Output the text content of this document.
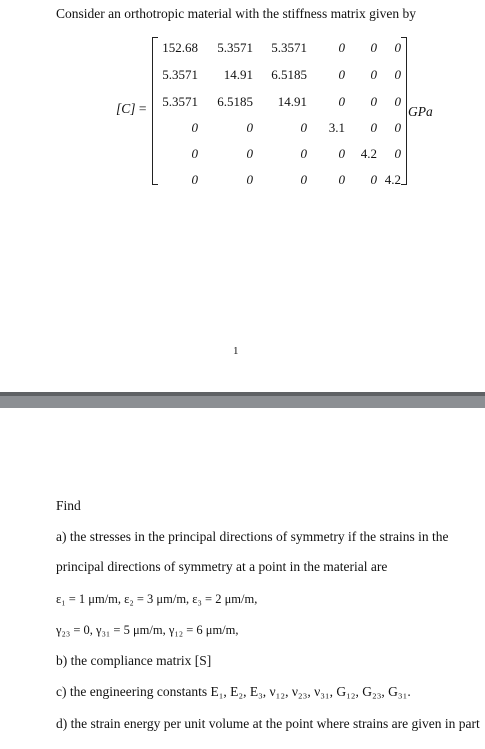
Consider an orthotropic material with the stiffness matrix given by
[C] =
152.68 5.3571 5.3571 0 0 0
5.3571 14.91 6.5185 0 0 0
5.3571 6.5185 14.91 0 0 0
0	0	0 3.1 0 0
0	0	0 0 4.2 0
0	0	0 0 0 4.2
GPa
1
Find
a) the stresses in the principal directions of symmetry if the strains in the
principal directions of symmetry at a point in the material are
ε₁ = 1 μm/m, ε₂ = 3 μm/m, ε₃ = 2 μm/m,
γ₂₃ = 0, γ₃₁ = 5 μm/m, γ₁₂ = 6 μm/m,
b) the compliance matrix [S]
c) the engineering constants E₁, E₂, E₃, ν₁₂, ν₂₃, ν₃₁, G₁₂, G₂₃, G₃₁.
d) the strain energy per unit volume at the point where strains are given in part
